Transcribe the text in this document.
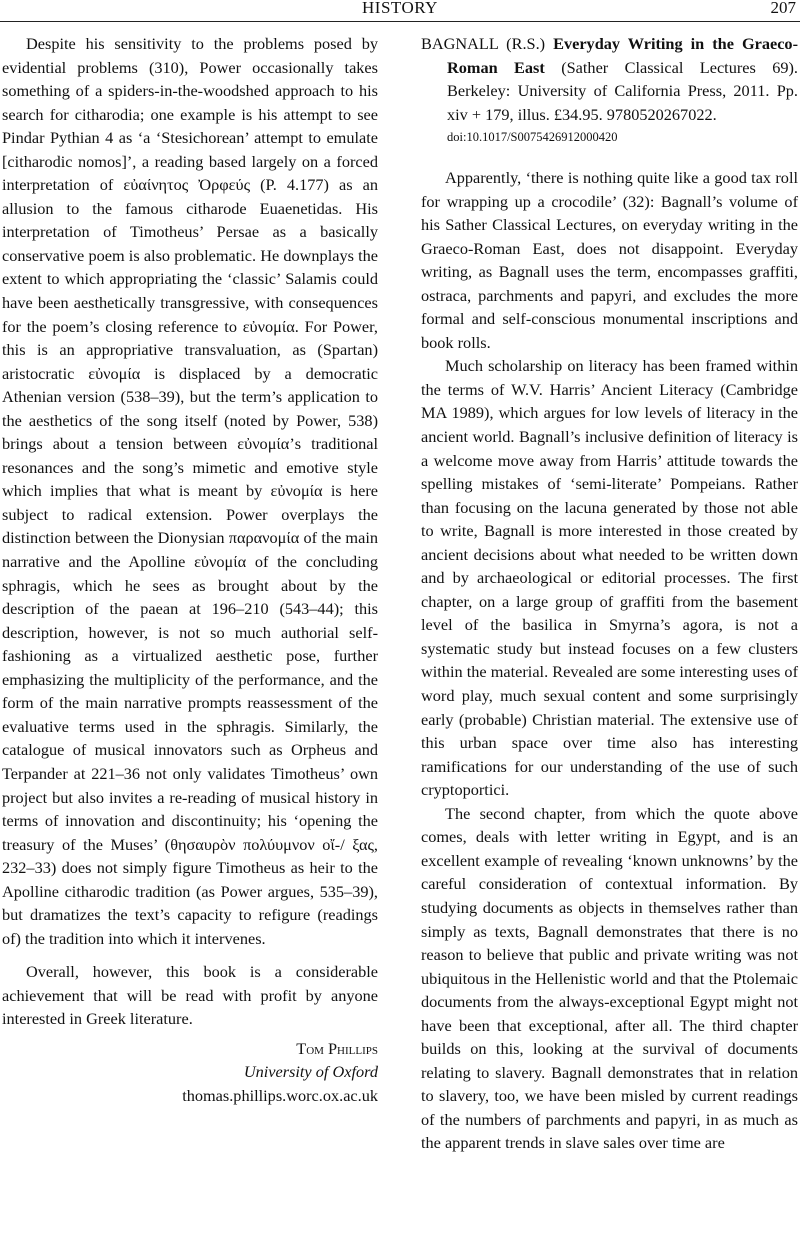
HISTORY	207

Despite his sensitivity to the problems posed by evidential problems (310), Power occasionally takes something of a spiders-in-the-woodshed approach to his search for citharodia; one example is his attempt to see Pindar Pythian 4 as ‘a ‘Stesichorean’ attempt to emulate [citharodic nomos]’, a reading based largely on a forced interpretation of εὐαίνητος Ὀρφεύς (P. 4.177) as an allusion to the famous citharode Euaenetidas. His interpretation of Timotheus’ Persae as a basically conservative poem is also problematic. He downplays the extent to which appropriating the ‘classic’ Salamis could have been aesthetically transgressive, with consequences for the poem’s closing reference to εὐνομία. For Power, this is an appropriative transvaluation, as (Spartan) aristocratic εὐνομία is displaced by a democratic Athenian version (538–39), but the term’s application to the aesthetics of the song itself (noted by Power, 538) brings about a tension between εὐνομία’s traditional resonances and the song’s mimetic and emotive style which implies that what is meant by εὐνομία is here subject to radical extension. Power overplays the distinction between the Dionysian παρανομία of the main narrative and the Apolline εὐνομία of the concluding sphragis, which he sees as brought about by the description of the paean at 196–210 (543–44); this description, however, is not so much authorial self-fashioning as a virtualized aesthetic pose, further emphasizing the multiplicity of the performance, and the form of the main narrative prompts reassessment of the evaluative terms used in the sphragis. Similarly, the catalogue of musical innovators such as Orpheus and Terpander at 221–36 not only validates Timotheus’ own project but also invites a re-reading of musical history in terms of innovation and discontinuity; his ‘opening the treasury of the Muses’ (θησαυρὸν πολύυμνον οἴ-/ ξας, 232–33) does not simply figure Timotheus as heir to the Apolline citharodic tradition (as Power argues, 535–39), but dramatizes the text’s capacity to refigure (readings of) the tradition into which it intervenes.

Overall, however, this book is a considerable achievement that will be read with profit by anyone interested in Greek literature.

Tom Phillips
University of Oxford
thomas.phillips.worc.ox.ac.uk
BAGNALL (R.S.) Everyday Writing in the Graeco-Roman East (Sather Classical Lectures 69). Berkeley: University of California Press, 2011. Pp. xiv + 179, illus. £34.95. 9780520267022.
doi:10.1017/S0075426912000420

Apparently, ‘there is nothing quite like a good tax roll for wrapping up a crocodile’ (32): Bagnall’s volume of his Sather Classical Lectures, on everyday writing in the Graeco-Roman East, does not disappoint. Everyday writing, as Bagnall uses the term, encompasses graffiti, ostraca, parchments and papyri, and excludes the more formal and self-conscious monumental inscriptions and book rolls.

Much scholarship on literacy has been framed within the terms of W.V. Harris’ Ancient Literacy (Cambridge MA 1989), which argues for low levels of literacy in the ancient world. Bagnall’s inclusive definition of literacy is a welcome move away from Harris’ attitude towards the spelling mistakes of ‘semi-literate’ Pompeians. Rather than focusing on the lacuna generated by those not able to write, Bagnall is more interested in those created by ancient decisions about what needed to be written down and by archaeological or editorial processes. The first chapter, on a large group of graffiti from the basement level of the basilica in Smyrna’s agora, is not a systematic study but instead focuses on a few clusters within the material. Revealed are some interesting uses of word play, much sexual content and some surprisingly early (probable) Christian material. The extensive use of this urban space over time also has interesting ramifications for our understanding of the use of such cryptoportici.

The second chapter, from which the quote above comes, deals with letter writing in Egypt, and is an excellent example of revealing ‘known unknowns’ by the careful consideration of contextual information. By studying documents as objects in themselves rather than simply as texts, Bagnall demonstrates that there is no reason to believe that public and private writing was not ubiquitous in the Hellenistic world and that the Ptolemaic documents from the always-exceptional Egypt might not have been that exceptional, after all. The third chapter builds on this, looking at the survival of documents relating to slavery. Bagnall demonstrates that in relation to slavery, too, we have been misled by current readings of the numbers of parchments and papyri, in as much as the apparent trends in slave sales over time are
